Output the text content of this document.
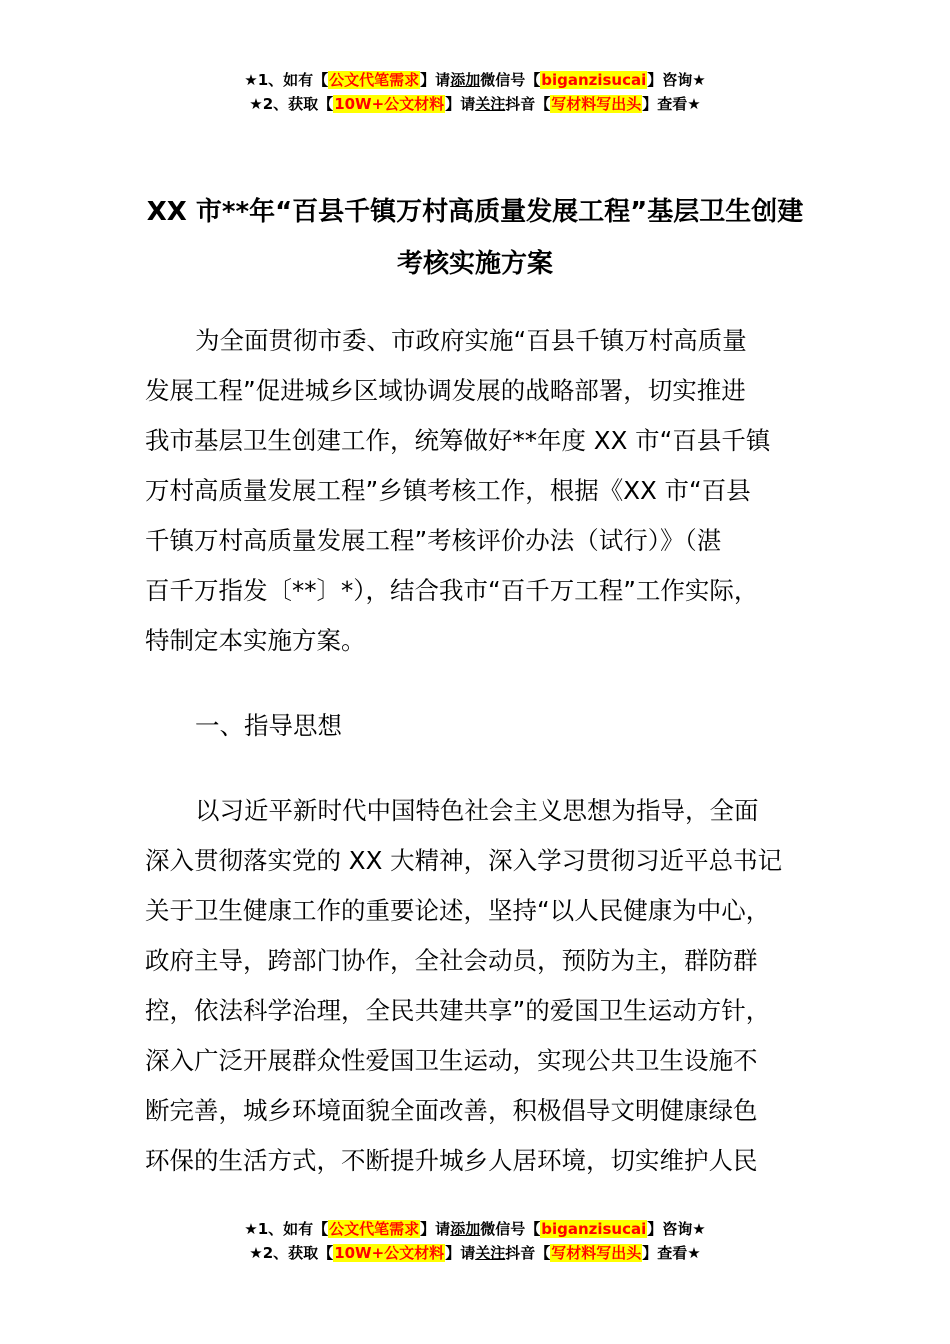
★1、如有【公文代笔需求】请添加微信号【biganzisucai】咨询★
★2、获取【10W+公文材料】请关注抖音【写材料写出头】查看★
XX 市**年“百县千镇万村高质量发展工程”基层卫生创建
考核实施方案
为全面贯彻市委、市政府实施“百县千镇万村高质量
发展工程”促进城乡区域协调发展的战略部署，切实推进
我市基层卫生创建工作，统筹做好**年度 XX 市“百县千镇
万村高质量发展工程”乡镇考核工作，根据《XX 市“百县
千镇万村高质量发展工程”考核评价办法（试行）》（湛
百千万指发〔**〕*），结合我市“百千万工程”工作实际，
特制定本实施方案。
一、指导思想
以习近平新时代中国特色社会主义思想为指导，全面
深入贯彻落实党的 XX 大精神，深入学习贯彻习近平总书记
关于卫生健康工作的重要论述，坚持“以人民健康为中心，
政府主导，跨部门协作，全社会动员，预防为主，群防群
控，依法科学治理，全民共建共享”的爱国卫生运动方针，
深入广泛开展群众性爱国卫生运动，实现公共卫生设施不
断完善，城乡环境面貌全面改善，积极倡导文明健康绿色
环保的生活方式，不断提升城乡人居环境，切实维护人民
★1、如有【公文代笔需求】请添加微信号【biganzisucai】咨询★
★2、获取【10W+公文材料】请关注抖音【写材料写出头】查看★
